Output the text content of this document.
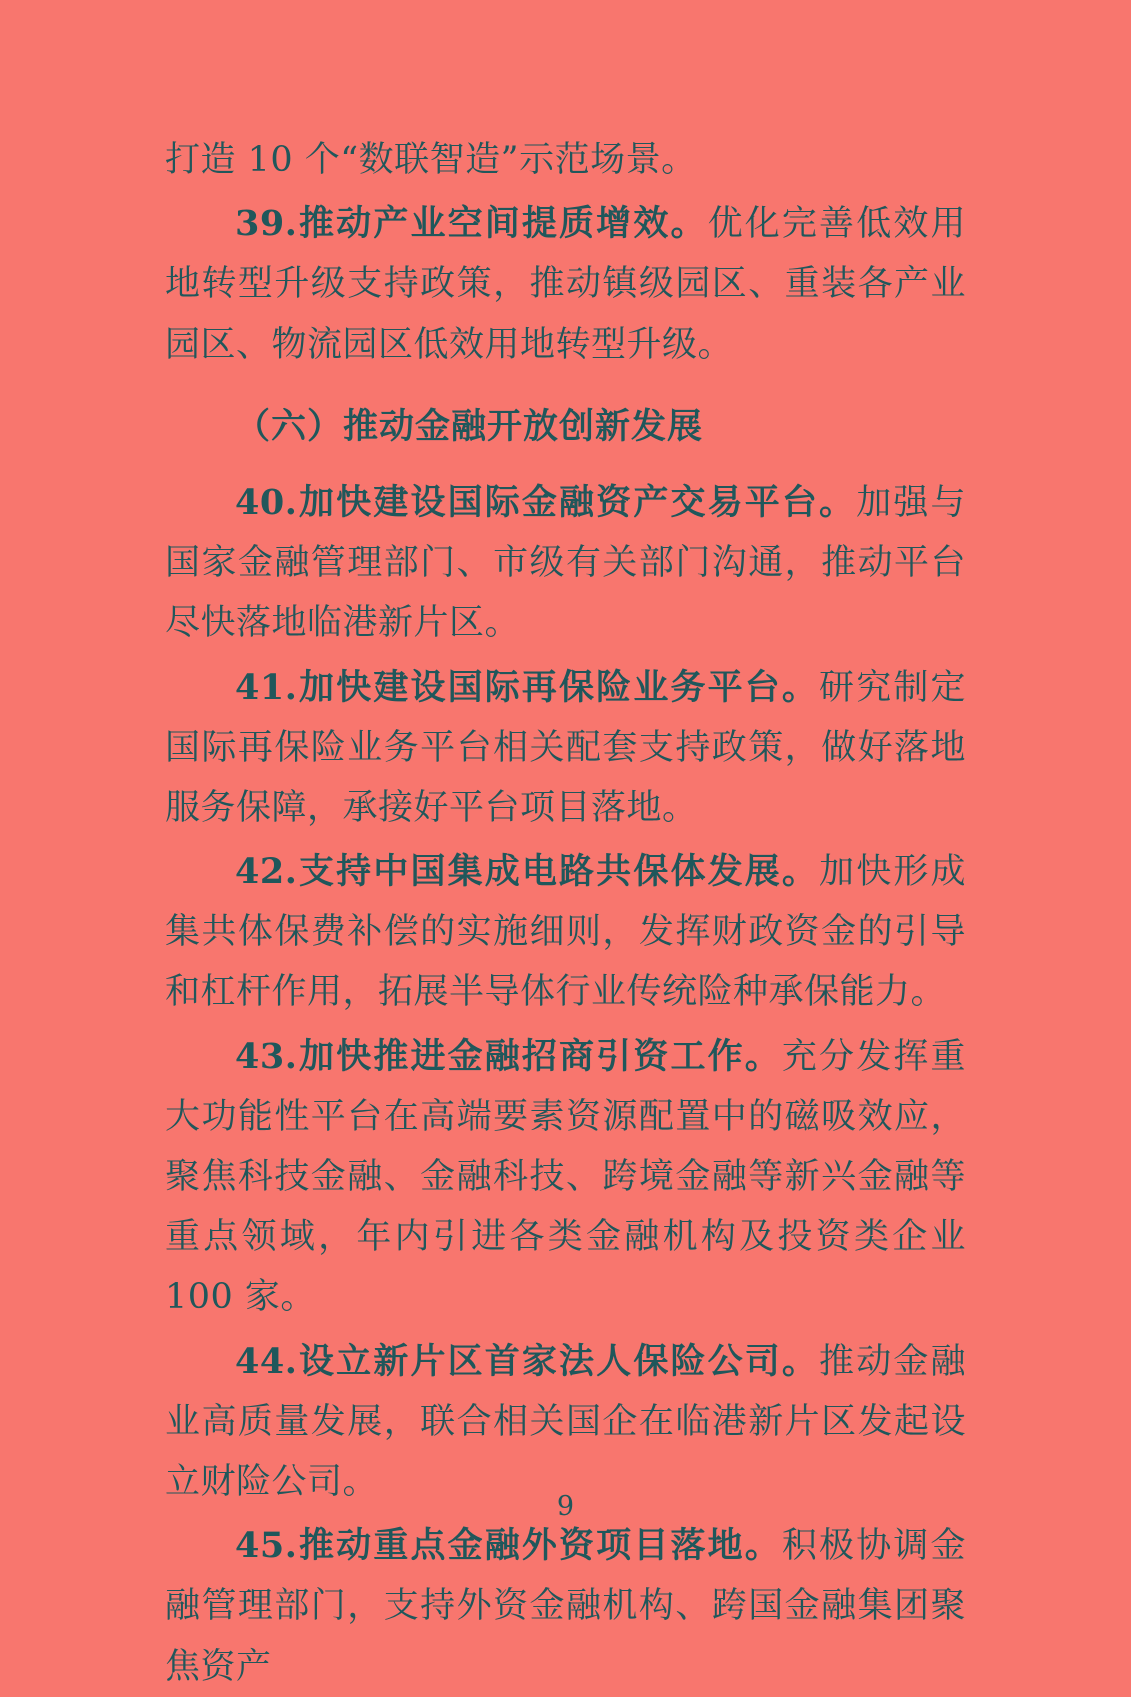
打造 10 个“数联智造”示范场景。

39.推动产业空间提质增效。优化完善低效用地转型升级支持政策，推动镇级园区、重装各产业园区、物流园区低效用地转型升级。

（六）推动金融开放创新发展

40.加快建设国际金融资产交易平台。加强与国家金融管理部门、市级有关部门沟通，推动平台尽快落地临港新片区。

41.加快建设国际再保险业务平台。研究制定国际再保险业务平台相关配套支持政策，做好落地服务保障，承接好平台项目落地。

42.支持中国集成电路共保体发展。加快形成集共体保费补偿的实施细则，发挥财政资金的引导和杠杆作用，拓展半导体行业传统险种承保能力。

43.加快推进金融招商引资工作。充分发挥重大功能性平台在高端要素资源配置中的磁吸效应，聚焦科技金融、金融科技、跨境金融等新兴金融等重点领域，年内引进各类金融机构及投资类企业 100 家。

44.设立新片区首家法人保险公司。推动金融业高质量发展，联合相关国企在临港新片区发起设立财险公司。

45.推动重点金融外资项目落地。积极协调金融管理部门，支持外资金融机构、跨国金融集团聚焦资产

9
